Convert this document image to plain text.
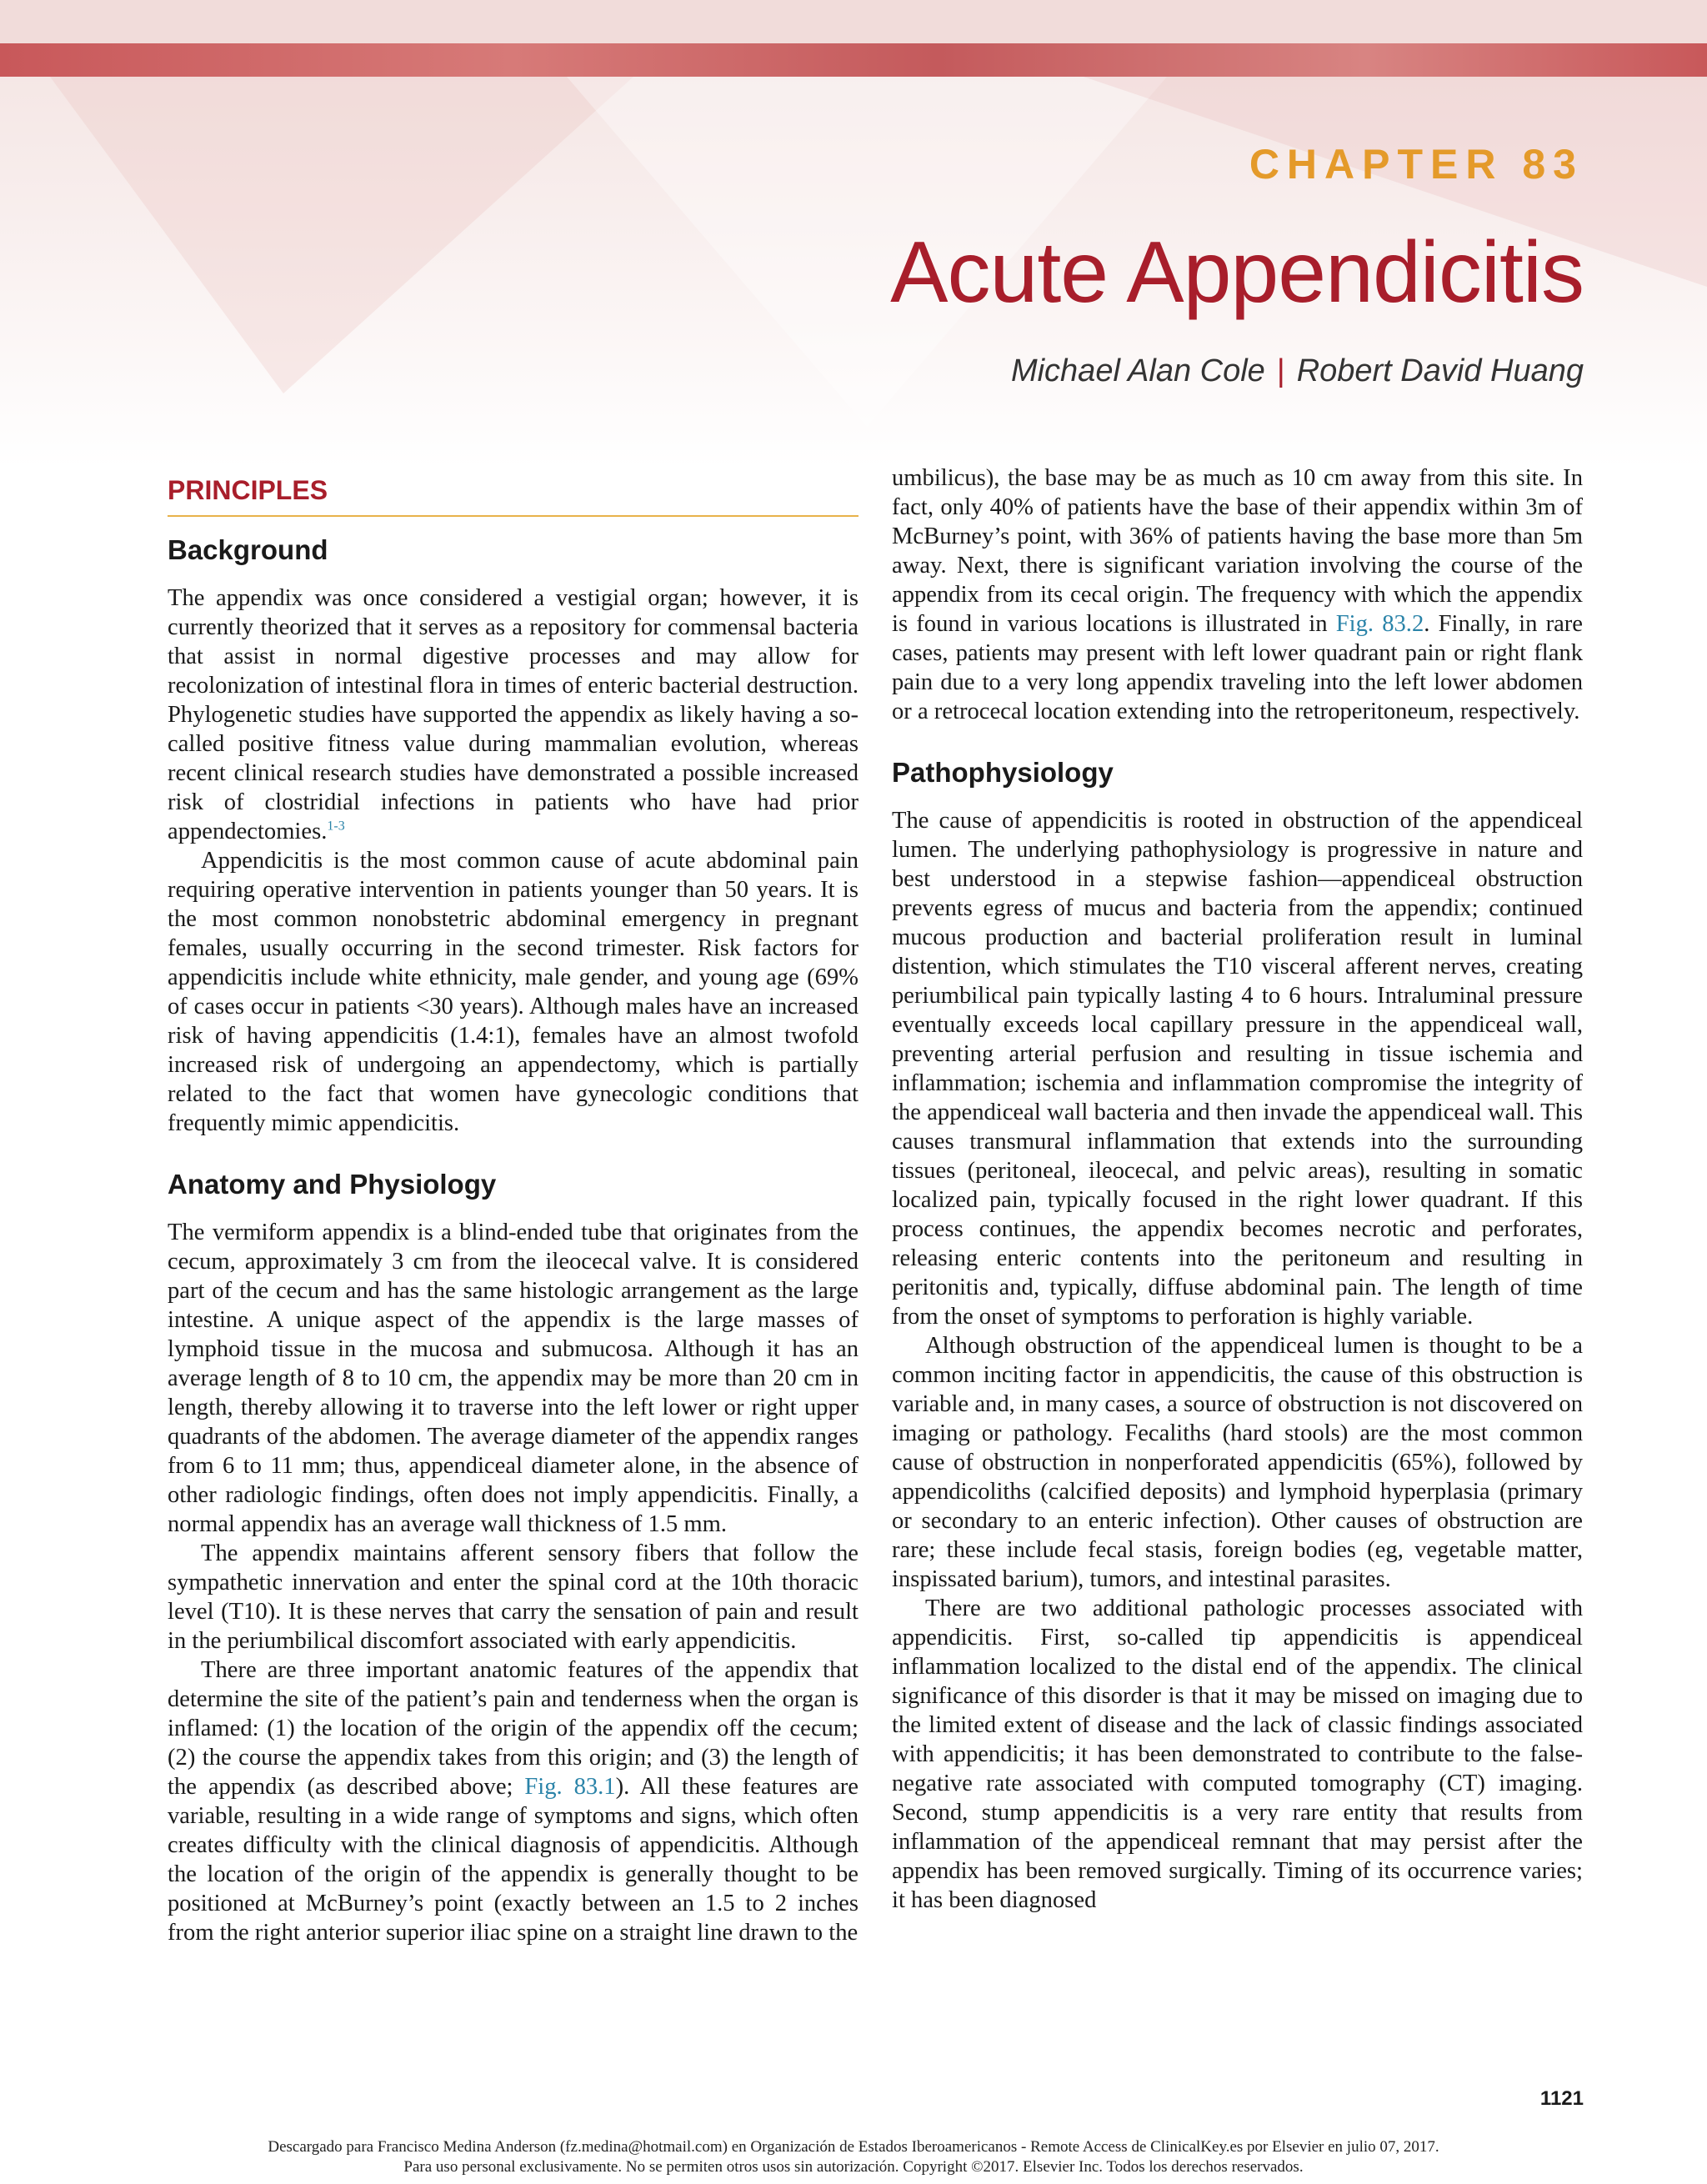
CHAPTER 83
Acute Appendicitis
Michael Alan Cole | Robert David Huang
PRINCIPLES
Background

The appendix was once considered a vestigial organ; however, it is currently theorized that it serves as a repository for commensal bacteria that assist in normal digestive processes and may allow for recolonization of intestinal flora in times of enteric bacterial destruction. Phylogenetic studies have supported the appendix as likely having a so-called positive fitness value during mammalian evolution, whereas recent clinical research studies have demonstrated a possible increased risk of clostridial infections in patients who have had prior appendectomies.$^{1-3}$

Appendicitis is the most common cause of acute abdominal pain requiring operative intervention in patients younger than 50 years. It is the most common nonobstetric abdominal emergency in pregnant females, usually occurring in the second trimester. Risk factors for appendicitis include white ethnicity, male gender, and young age (69% of cases occur in patients <30 years). Although males have an increased risk of having appendicitis (1.4:1), females have an almost twofold increased risk of undergoing an appendectomy, which is partially related to the fact that women have gynecologic conditions that frequently mimic appendicitis.

Anatomy and Physiology

The vermiform appendix is a blind-ended tube that originates from the cecum, approximately 3 cm from the ileocecal valve. It is considered part of the cecum and has the same histologic arrangement as the large intestine. A unique aspect of the appendix is the large masses of lymphoid tissue in the mucosa and submucosa. Although it has an average length of 8 to 10 cm, the appendix may be more than 20 cm in length, thereby allowing it to traverse into the left lower or right upper quadrants of the abdomen. The average diameter of the appendix ranges from 6 to 11 mm; thus, appendiceal diameter alone, in the absence of other radiologic findings, often does not imply appendicitis. Finally, a normal appendix has an average wall thickness of 1.5 mm.

The appendix maintains afferent sensory fibers that follow the sympathetic innervation and enter the spinal cord at the 10th thoracic level (T10). It is these nerves that carry the sensation of pain and result in the periumbilical discomfort associated with early appendicitis.

There are three important anatomic features of the appendix that determine the site of the patient’s pain and tenderness when the organ is inflamed: (1) the location of the origin of the appendix off the cecum; (2) the course the appendix takes from this origin; and (3) the length of the appendix (as described above; Fig. 83.1). All these features are variable, resulting in a wide range of symptoms and signs, which often creates difficulty with the clinical diagnosis of appendicitis. Although the location of the origin of the appendix is generally thought to be positioned at McBurney’s point (exactly between an 1.5 to 2 inches from the right anterior superior iliac spine on a straight line drawn to the

umbilicus), the base may be as much as 10 cm away from this site. In fact, only 40% of patients have the base of their appendix within 3m of McBurney’s point, with 36% of patients having the base more than 5m away. Next, there is significant variation involving the course of the appendix from its cecal origin. The frequency with which the appendix is found in various locations is illustrated in Fig. 83.2. Finally, in rare cases, patients may present with left lower quadrant pain or right flank pain due to a very long appendix traveling into the left lower abdomen or a retrocecal location extending into the retroperitoneum, respectively.

Pathophysiology

The cause of appendicitis is rooted in obstruction of the appendiceal lumen. The underlying pathophysiology is progressive in nature and best understood in a stepwise fashion—appendiceal obstruction prevents egress of mucus and bacteria from the appendix; continued mucous production and bacterial proliferation result in luminal distention, which stimulates the T10 visceral afferent nerves, creating periumbilical pain typically lasting 4 to 6 hours. Intraluminal pressure eventually exceeds local capillary pressure in the appendiceal wall, preventing arterial perfusion and resulting in tissue ischemia and inflammation; ischemia and inflammation compromise the integrity of the appendiceal wall bacteria and then invade the appendiceal wall. This causes transmural inflammation that extends into the surrounding tissues (peritoneal, ileocecal, and pelvic areas), resulting in somatic localized pain, typically focused in the right lower quadrant. If this process continues, the appendix becomes necrotic and perforates, releasing enteric contents into the peritoneum and resulting in peritonitis and, typically, diffuse abdominal pain. The length of time from the onset of symptoms to perforation is highly variable.

Although obstruction of the appendiceal lumen is thought to be a common inciting factor in appendicitis, the cause of this obstruction is variable and, in many cases, a source of obstruction is not discovered on imaging or pathology. Fecaliths (hard stools) are the most common cause of obstruction in nonperforated appendicitis (65%), followed by appendicoliths (calcified deposits) and lymphoid hyperplasia (primary or secondary to an enteric infection). Other causes of obstruction are rare; these include fecal stasis, foreign bodies (eg, vegetable matter, inspissated barium), tumors, and intestinal parasites.

There are two additional pathologic processes associated with appendicitis. First, so-called tip appendicitis is appendiceal inflammation localized to the distal end of the appendix. The clinical significance of this disorder is that it may be missed on imaging due to the limited extent of disease and the lack of classic findings associated with appendicitis; it has been demonstrated to contribute to the false-negative rate associated with computed tomography (CT) imaging. Second, stump appendicitis is a very rare entity that results from inflammation of the appendiceal remnant that may persist after the appendix has been removed surgically. Timing of its occurrence varies; it has been diagnosed

1121
Descargado para Francisco Medina Anderson (fz.medina@hotmail.com) en Organización de Estados Iberoamericanos - Remote Access de ClinicalKey.es por Elsevier en julio 07, 2017.
Para uso personal exclusivamente. No se permiten otros usos sin autorización. Copyright ©2017. Elsevier Inc. Todos los derechos reservados.
